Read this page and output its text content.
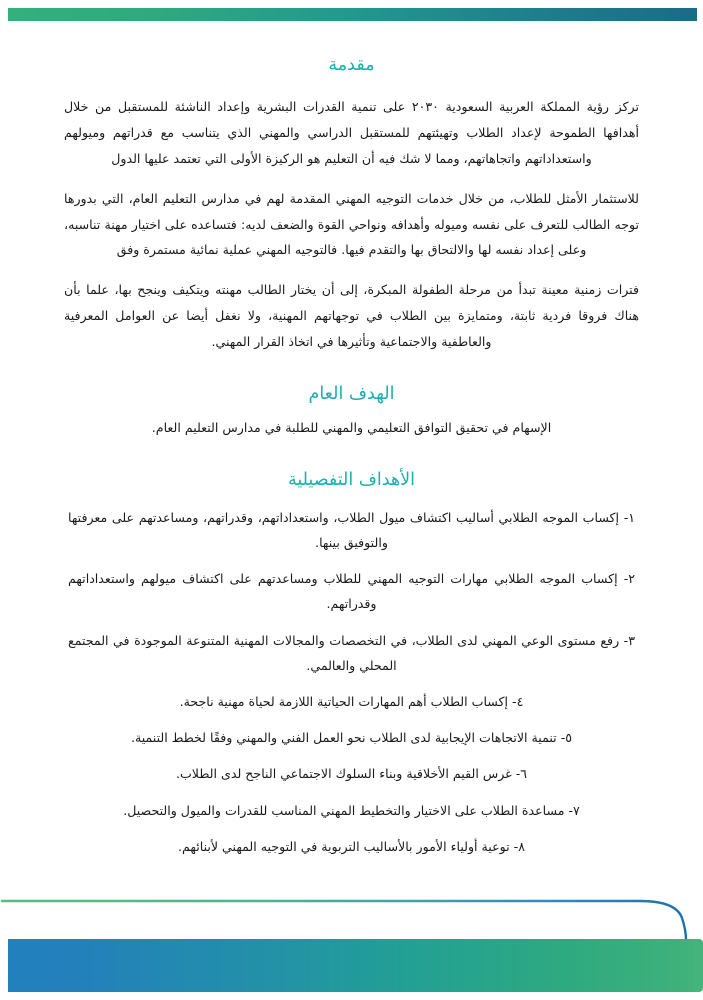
مقدمة

تركز رؤية المملكة العربية السعودية ٢٠٣٠ على تنمية القدرات البشرية وإعداد الناشئة للمستقبل من خلال أهدافها الطموحة لإعداد الطلاب وتهيئتهم للمستقبل الدراسي والمهني الذي يتناسب مع قدراتهم وميولهم واستعداداتهم واتجاهاتهم، ومما لا شك فيه أن التعليم هو الركيزة الأولى التي تعتمد عليها الدول

للاستثمار الأمثل للطلاب، من خلال خدمات التوجيه المهني المقدمة لهم في مدارس التعليم العام، التي بدورها توجه الطالب للتعرف على نفسه وميوله وأهدافه ونواحي القوة والضعف لديه: فتساعده على اختيار مهنة تناسبه، وعلى إعداد نفسه لها والالتحاق بها والتقدم فيها. فالتوجيه المهني عملية نمائية مستمرة وفق

فترات زمنية معينة تبدأ من مرحلة الطفولة المبكرة، إلى أن يختار الطالب مهنته ويتكيف وينجح بها، علما بأن هناك فروقا فردية ثابتة، ومتمايزة بين الطلاب في توجهاتهم المهنية، ولا نغفل أيضا عن العوامل المعرفية والعاطفية والاجتماعية وتأثيرها في اتخاذ القرار المهني.

الهدف العام

الإسهام في تحقيق التوافق التعليمي والمهني للطلبة في مدارس التعليم العام.

الأهداف التفصيلية
١- إكساب الموجه الطلابي أساليب اكتشاف ميول الطلاب، واستعداداتهم، وقدراتهم، ومساعدتهم على معرفتها والتوفيق بينها.
٢- إكساب الموجه الطلابي مهارات التوجيه المهني للطلاب ومساعدتهم على اكتشاف ميولهم واستعداداتهم وقدراتهم.
٣- رفع مستوى الوعي المهني لدى الطلاب، في التخصصات والمجالات المهنية المتنوعة الموجودة في المجتمع المحلي والعالمي.
٤- إكساب الطلاب أهم المهارات الحياتية اللازمة لحياة مهنية ناجحة.
٥- تنمية الاتجاهات الإيجابية لدى الطلاب نحو العمل الفني والمهني وفقًا لخطط التنمية.
٦- غرس القيم الأخلاقية وبناء السلوك الاجتماعي الناجح لدى الطلاب.
٧- مساعدة الطلاب على الاختيار والتخطيط المهني المناسب للقدرات والميول والتحصيل.
٨- توعية أولياء الأمور بالأساليب التربوية في التوجيه المهني لأبنائهم.
